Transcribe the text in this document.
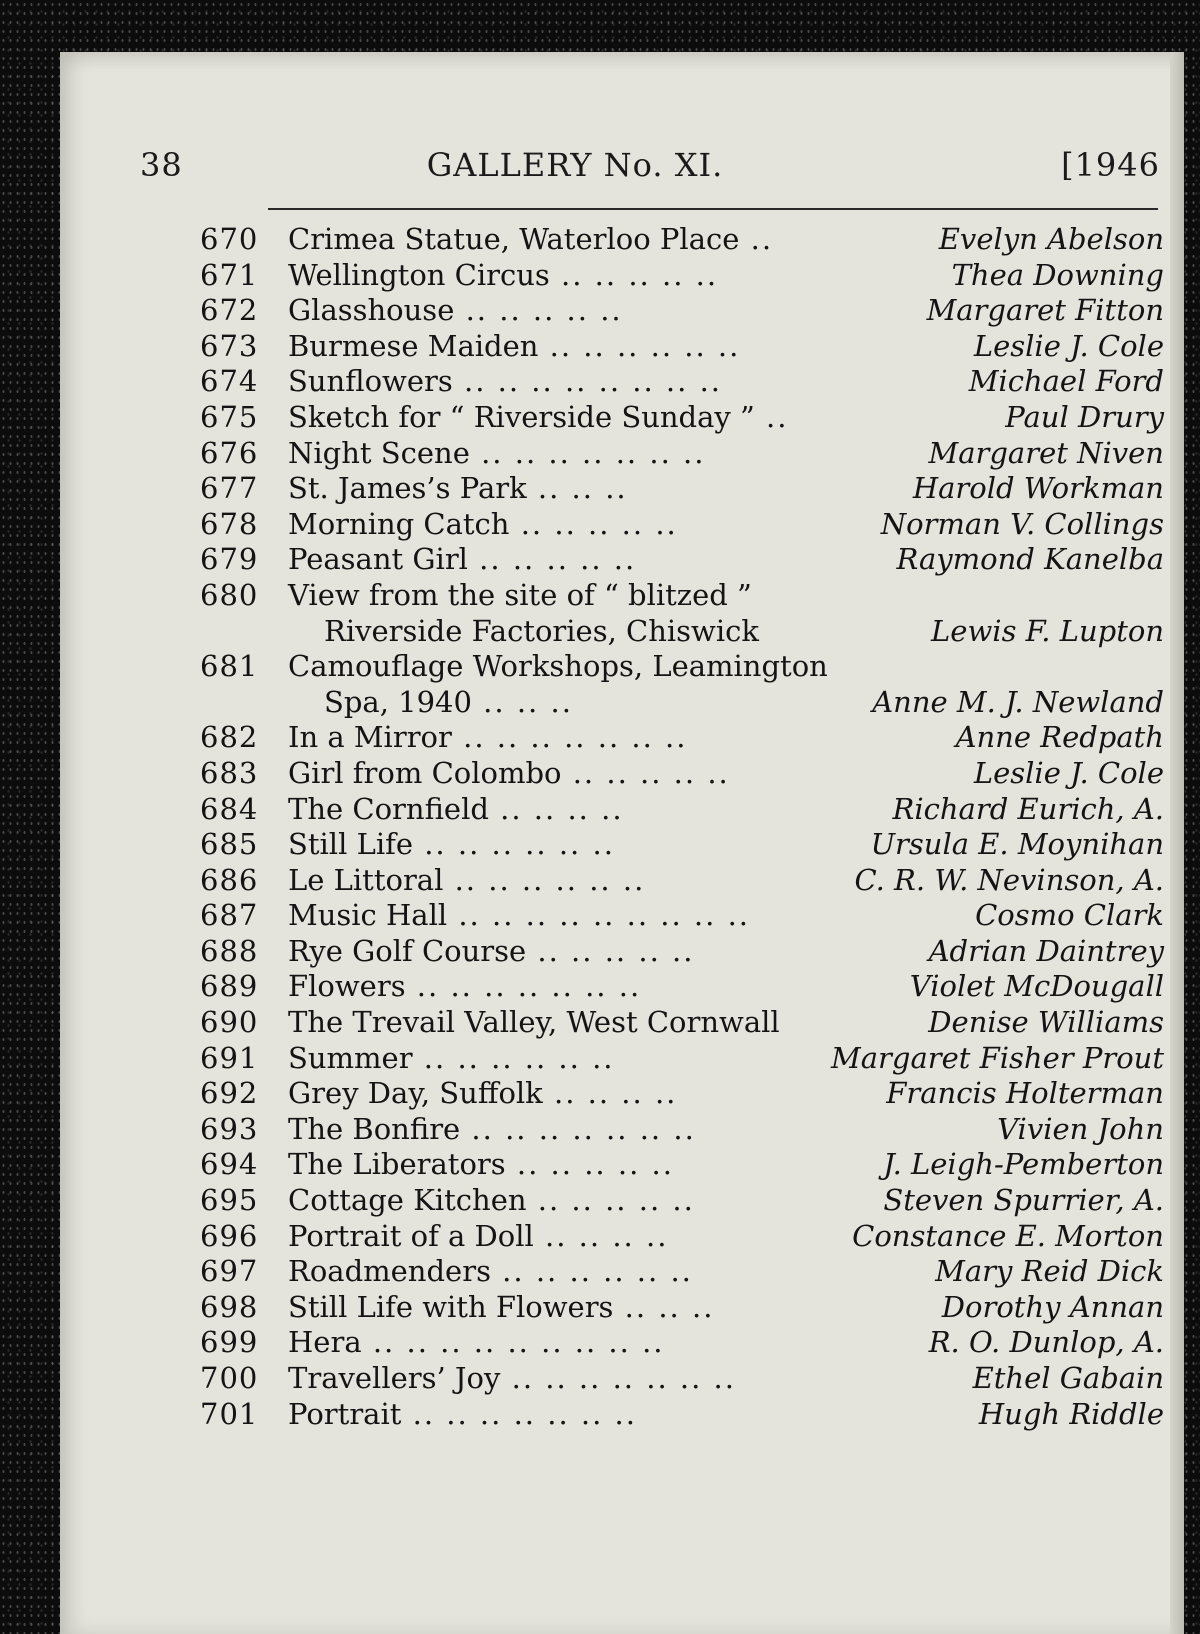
38	GALLERY No. XI.	[1946
670 Crimea Statue, Waterloo Place ..	Evelyn Abelson
671 Wellington Circus .. .. .. .. ..	Thea Downing
672 Glasshouse .. .. .. .. ..	Margaret Fitton
673 Burmese Maiden .. .. .. .. .. ..	Leslie J. Cole
674 Sunflowers .. .. .. .. .. .. .. ..	Michael Ford
675 Sketch for “ Riverside Sunday ” ..	Paul Drury
676 Night Scene .. .. .. .. .. .. ..	Margaret Niven
677 St. James’s Park .. .. ..	Harold Workman
678 Morning Catch .. .. .. .. ..	Norman V. Collings
679 Peasant Girl .. .. .. .. ..	Raymond Kanelba
680 View from the site of “ blitzed ”
Riverside Factories, Chiswick	Lewis F. Lupton
681 Camouflage Workshops, Leamington
Spa, 1940 .. .. ..	Anne M. J. Newland
682 In a Mirror .. .. .. .. .. .. ..	Anne Redpath
683 Girl from Colombo .. .. .. .. ..	Leslie J. Cole
684 The Cornfield .. .. .. ..	Richard Eurich, A.
685 Still Life .. .. .. .. .. ..	Ursula E. Moynihan
686 Le Littoral .. .. .. .. .. ..	C. R. W. Nevinson, A.
687 Music Hall .. .. .. .. .. .. .. .. ..	Cosmo Clark
688 Rye Golf Course .. .. .. .. ..	Adrian Daintrey
689 Flowers .. .. .. .. .. .. ..	Violet McDougall
690 The Trevail Valley, West Cornwall	Denise Williams
691 Summer .. .. .. .. .. ..	Margaret Fisher Prout
692 Grey Day, Suffolk .. .. .. ..	Francis Holterman
693 The Bonfire .. .. .. .. .. .. ..	Vivien John
694 The Liberators .. .. .. .. ..	J. Leigh-Pemberton
695 Cottage Kitchen .. .. .. .. ..	Steven Spurrier, A.
696 Portrait of a Doll .. .. .. ..	Constance E. Morton
697 Roadmenders .. .. .. .. .. ..	Mary Reid Dick
698 Still Life with Flowers .. .. ..	Dorothy Annan
699 Hera .. .. .. .. .. .. .. .. ..	R. O. Dunlop, A.
700 Travellers’ Joy .. .. .. .. .. .. ..	Ethel Gabain
701 Portrait .. .. .. .. .. .. ..	Hugh Riddle
